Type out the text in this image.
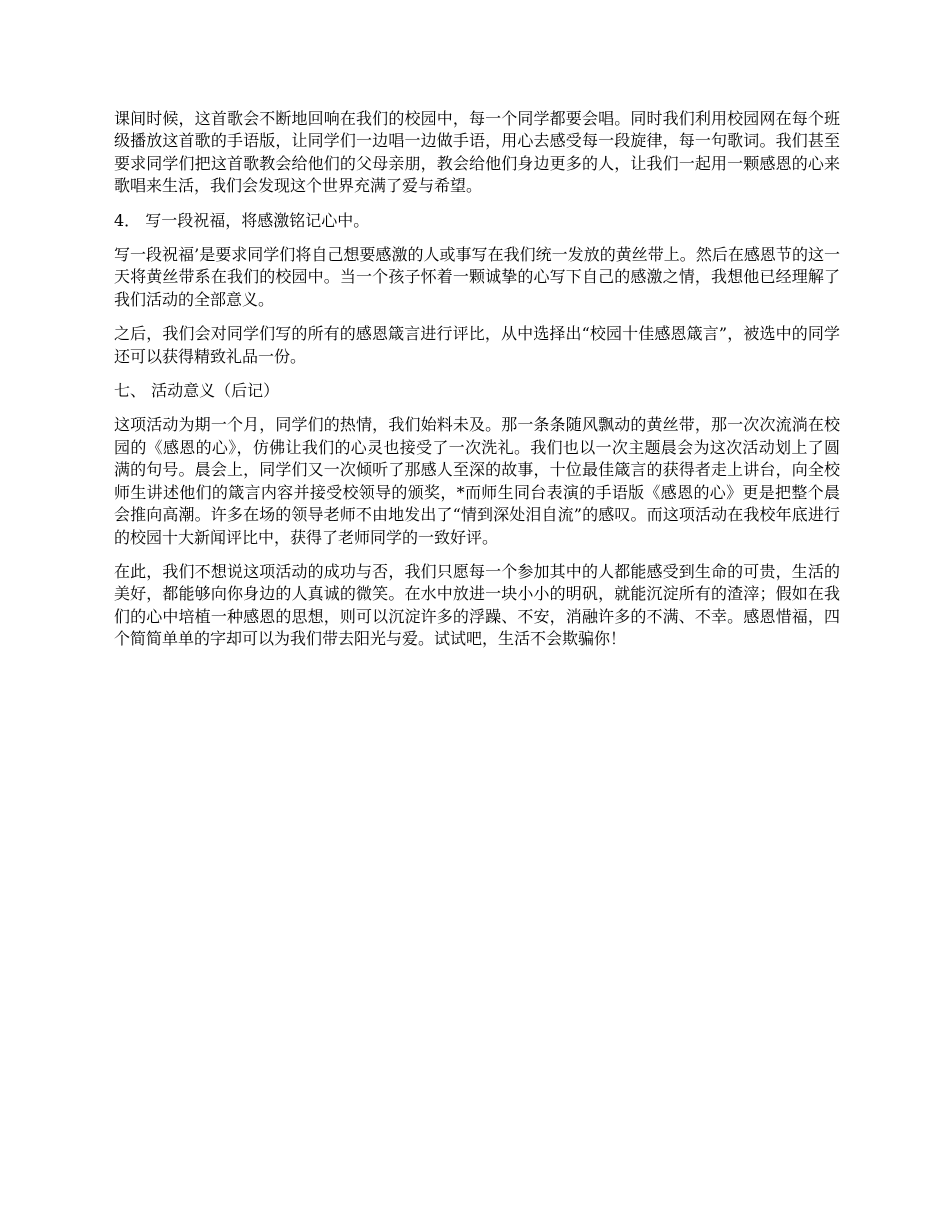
课间时候，这首歌会不断地回响在我们的校园中，每一个同学都要会唱。同时我们利用校园网在每个班级播放这首歌的手语版，让同学们一边唱一边做手语，用心去感受每一段旋律，每一句歌词。我们甚至要求同学们把这首歌教会给他们的父母亲朋，教会给他们身边更多的人，让我们一起用一颗感恩的心来歌唱来生活，我们会发现这个世界充满了爱与希望。

4． 写一段祝福，将感激铭记心中。

写一段祝福’是要求同学们将自己想要感激的人或事写在我们统一发放的黄丝带上。然后在感恩节的这一天将黄丝带系在我们的校园中。当一个孩子怀着一颗诚挚的心写下自己的感激之情，我想他已经理解了我们活动的全部意义。

之后，我们会对同学们写的所有的感恩箴言进行评比，从中选择出“校园十佳感恩箴言”，被选中的同学还可以获得精致礼品一份。

七、 活动意义（后记）

这项活动为期一个月，同学们的热情，我们始料未及。那一条条随风飘动的黄丝带，那一次次流淌在校园的《感恩的心》，仿佛让我们的心灵也接受了一次洗礼。我们也以一次主题晨会为这次活动划上了圆满的句号。晨会上，同学们又一次倾听了那感人至深的故事，十位最佳箴言的获得者走上讲台，向全校师生讲述他们的箴言内容并接受校领导的颁奖，*而师生同台表演的手语版《感恩的心》更是把整个晨会推向高潮。许多在场的领导老师不由地发出了“情到深处泪自流”的感叹。而这项活动在我校年底进行的校园十大新闻评比中，获得了老师同学的一致好评。

在此，我们不想说这项活动的成功与否，我们只愿每一个参加其中的人都能感受到生命的可贵，生活的美好，都能够向你身边的人真诚的微笑。在水中放进一块小小的明矾，就能沉淀所有的渣滓；假如在我们的心中培植一种感恩的思想，则可以沉淀许多的浮躁、不安，消融许多的不满、不幸。感恩惜福，四个简简单单的字却可以为我们带去阳光与爱。试试吧，生活不会欺骗你！
